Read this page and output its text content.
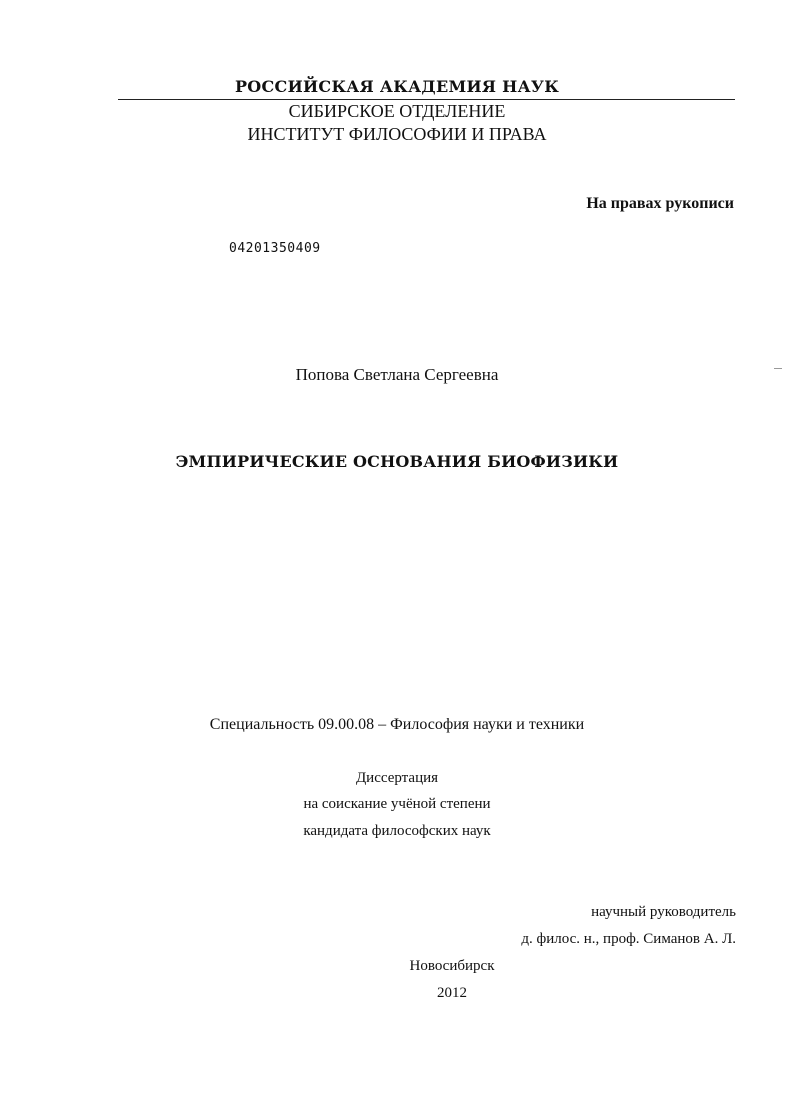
РОССИЙСКАЯ АКАДЕМИЯ НАУК
СИБИРСКОЕ ОТДЕЛЕНИЕ
ИНСТИТУТ ФИЛОСОФИИ И ПРАВА
На правах рукописи
04201350409
Попова Светлана Сергеевна
ЭМПИРИЧЕСКИЕ ОСНОВАНИЯ БИОФИЗИКИ
Специальность 09.00.08 – Философия науки и техники
Диссертация
на соискание учёной степени
кандидата философских наук
научный руководитель
д. филос. н., проф. Симанов А. Л.
Новосибирск
2012
